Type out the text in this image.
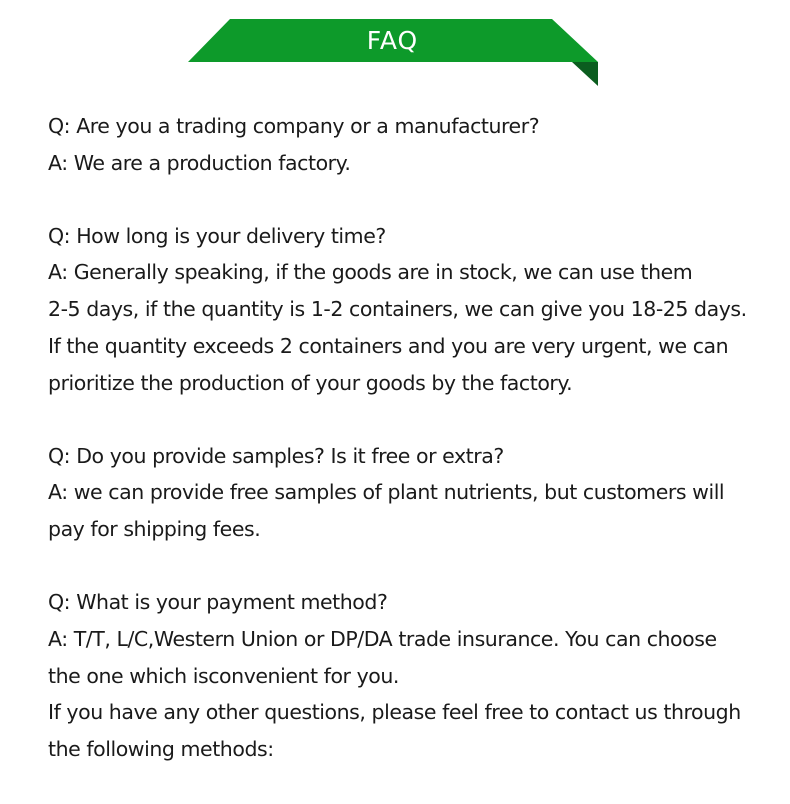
FAQ
Q: Are you a trading company or a manufacturer?
A: We are a production factory.
Q: How long is your delivery time?
A: Generally speaking, if the goods are in stock, we can use them
2-5 days, if the quantity is 1-2 containers, we can give you 18-25 days.
If the quantity exceeds 2 containers and you are very urgent, we can
prioritize the production of your goods by the factory.
Q: Do you provide samples? Is it free or extra?
A: we can provide free samples of plant nutrients, but customers will
pay for shipping fees.
Q: What is your payment method?
A: T/T, L/C,Western Union or DP/DA trade insurance. You can choose
the one which isconvenient for you.
If you have any other questions, please feel free to contact us through
the following methods:
